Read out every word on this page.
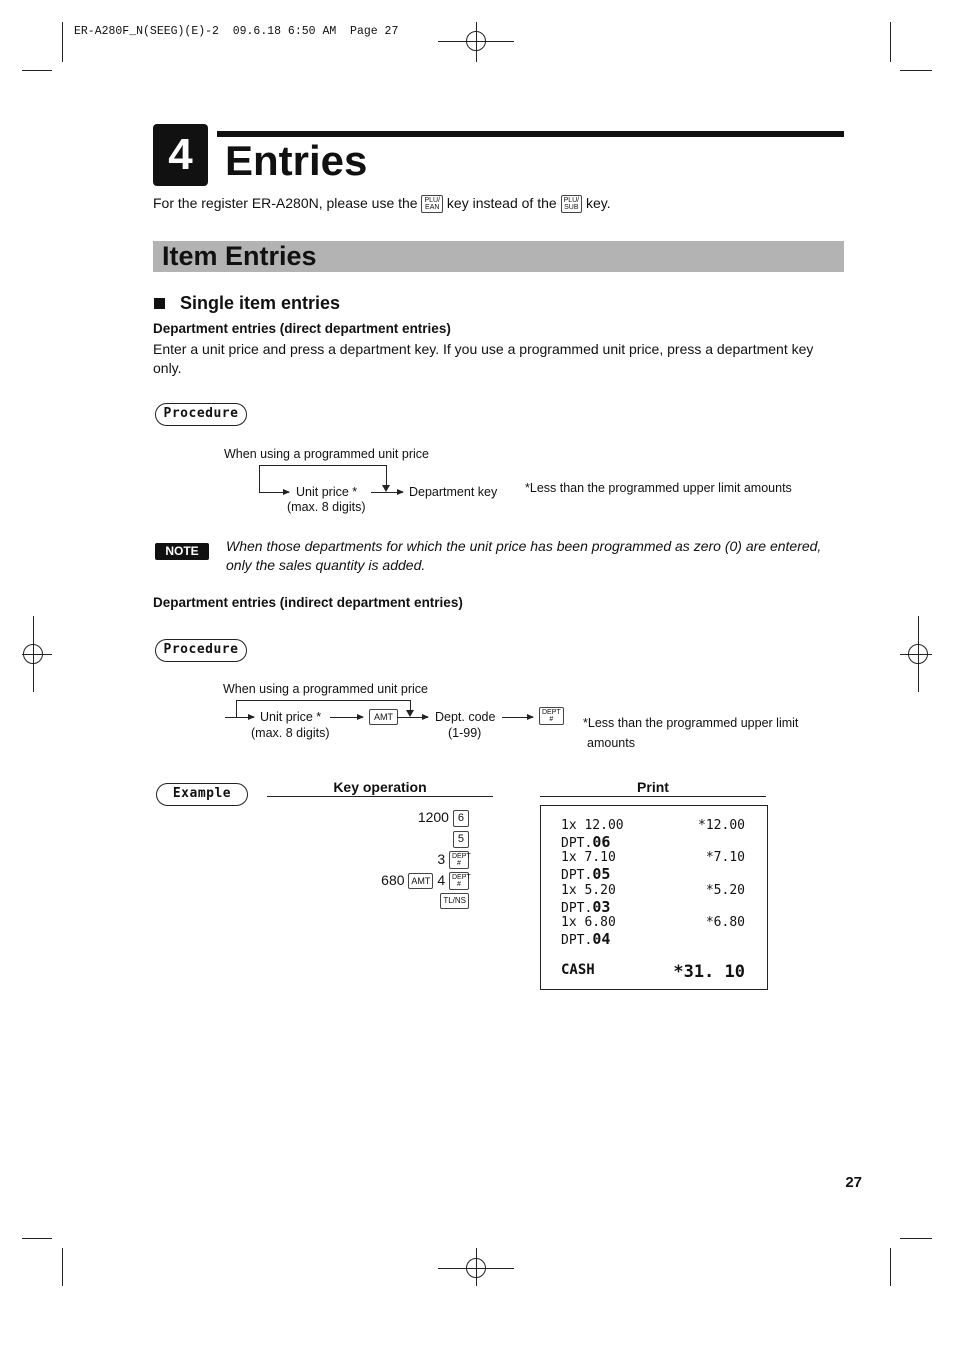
ER-A280F_N(SEEG)(E)-2  09.6.18 6:50 AM  Page 27
4 Entries
For the register ER-A280N, please use the PLU/
EAN key instead of the PLU/
SUB key.
Item Entries
Single item entries
Department entries (direct department entries)
Enter a unit price and press a department key. If you use a programmed unit price, press a department key only.
Procedure
When using a programmed unit price
Unit price *
(max. 8 digits)
Department key *Less than the programmed upper limit amounts
NOTE	When those departments for which the unit price has been programmed as zero (0) are entered, only the sales quantity is added.
Department entries (indirect department entries)
Procedure
When using a programmed unit price
Unit price *
(max. 8 digits)
AMT	Dept. code
(1-99)
DEPT
#	*Less than the programmed upper limit
amounts
Example	Key operation	Print
1200 6
5
3 DEPT #
680 AMT 4 DEPT #
TL/NS
1x 12.00	*12.00
DPT.06
1x 7.10	*7.10
DPT.05
1x 5.20	*5.20
DPT.03
1x 6.80	*6.80
DPT.04
CASH	*31. 10
27
